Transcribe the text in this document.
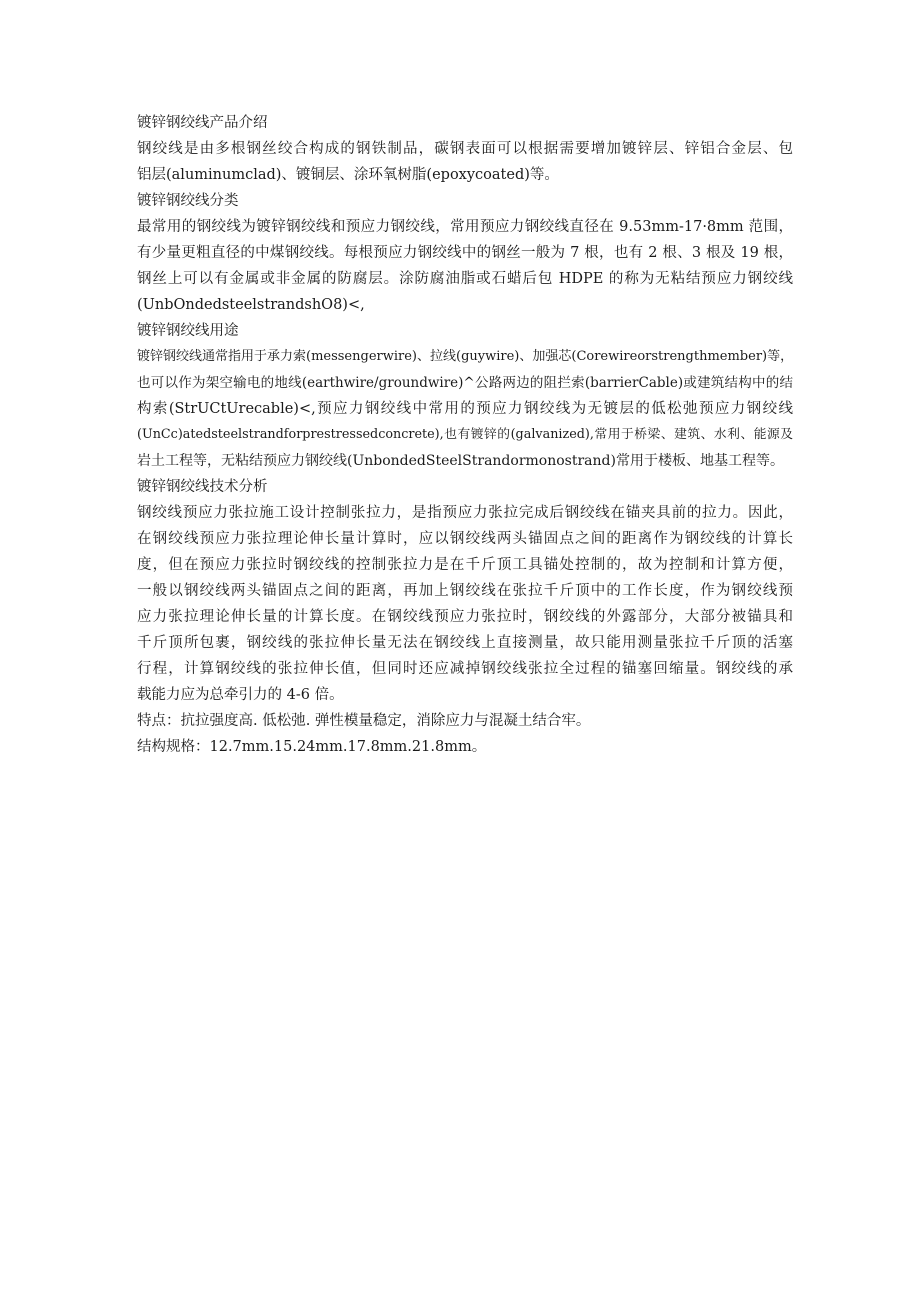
镀锌钢绞线产品介绍

钢绞线是由多根钢丝绞合构成的钢铁制品，碳钢表面可以根据需要增加镀锌层、锌铝合金层、包

铝层(aluminumclad)、镀铜层、涂环氧树脂(epoxycoated)等。

镀锌钢绞线分类

最常用的钢绞线为镀锌钢绞线和预应力钢绞线，常用预应力钢绞线直径在 9.53mm-17·8mm 范围，

有少量更粗直径的中煤钢绞线。每根预应力钢绞线中的钢丝一般为 7 根，也有 2 根、3 根及 19 根，

钢丝上可以有金属或非金属的防腐层。涂防腐油脂或石蜡后包 HDPE 的称为无粘结预应力钢绞线

(UnbOndedsteelstrandshO8)<,

镀锌钢绞线用途

镀锌钢绞线通常指用于承力索(messengerwire)、拉线(guywire)、加强芯(Corewireorstrengthmember)等，

也可以作为架空输电的地线(earthwire/groundwire)^公路两边的阻拦索(barrierCable)或建筑结构中的结

构索(StrUCtUrecable)<,预应力钢绞线中常用的预应力钢绞线为无镀层的低松弛预应力钢绞线

(UnCc)atedsteelstrandforprestressedconcrete),也有镀锌的(galvanized),常用于桥梁、建筑、水利、能源及

岩土工程等，无粘结预应力钢绞线(UnbondedSteelStrandormonostrand)常用于楼板、地基工程等。

镀锌钢绞线技术分析

钢绞线预应力张拉施工设计控制张拉力，是指预应力张拉完成后钢绞线在锚夹具前的拉力。因此，

在钢绞线预应力张拉理论伸长量计算时，应以钢绞线两头锚固点之间的距离作为钢绞线的计算长

度，但在预应力张拉时钢绞线的控制张拉力是在千斤顶工具锚处控制的，故为控制和计算方便，

一般以钢绞线两头锚固点之间的距离，再加上钢绞线在张拉千斤顶中的工作长度，作为钢绞线预

应力张拉理论伸长量的计算长度。在钢绞线预应力张拉时，钢绞线的外露部分，大部分被锚具和

千斤顶所包裹，钢绞线的张拉伸长量无法在钢绞线上直接测量，故只能用测量张拉千斤顶的活塞

行程，计算钢绞线的张拉伸长值，但同时还应减掉钢绞线张拉全过程的锚塞回缩量。钢绞线的承

载能力应为总牵引力的 4-6 倍。

特点：抗拉强度高. 低松弛. 弹性模量稳定，消除应力与混凝土结合牢。

结构规格：12.7mm.15.24mm.17.8mm.21.8mm。
